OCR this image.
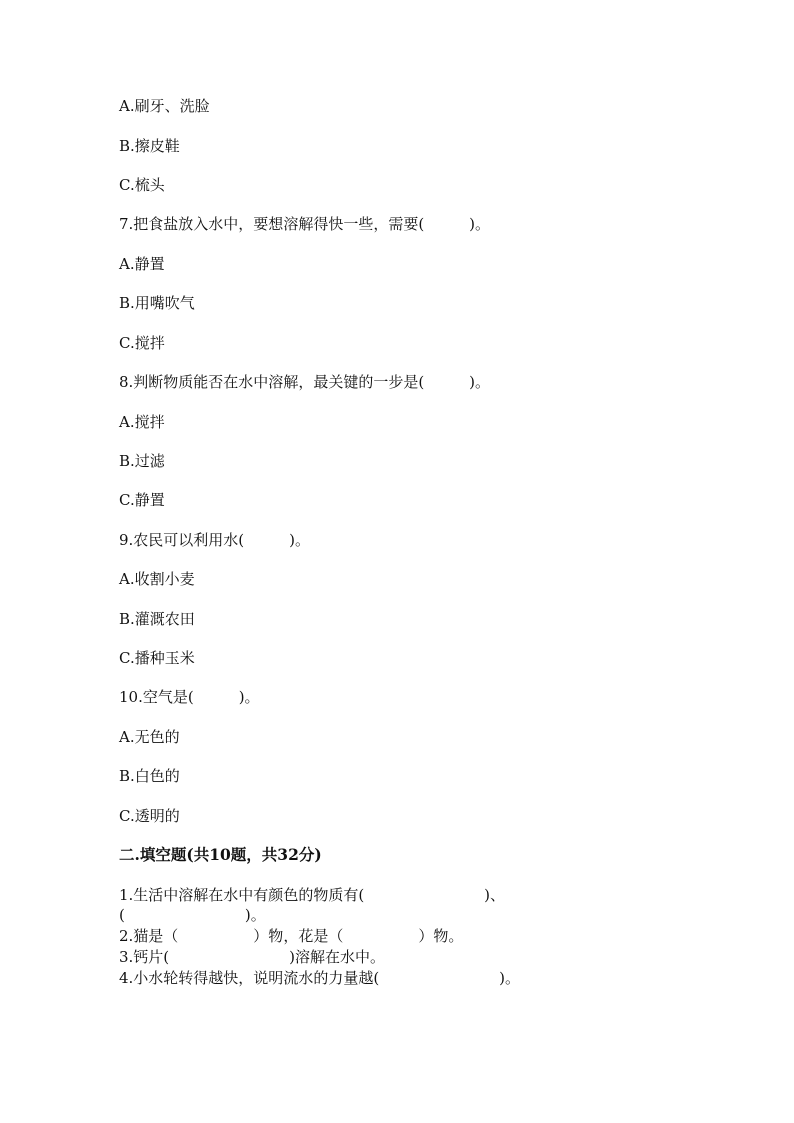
A.刷牙、洗脸
B.擦皮鞋
C.梳头
7.把食盐放入水中，要想溶解得快一些，需要(　　　)。
A.静置
B.用嘴吹气
C.搅拌
8.判断物质能否在水中溶解，最关键的一步是(　　　)。
A.搅拌
B.过滤
C.静置
9.农民可以利用水(　　　)。
A.收割小麦
B.灌溉农田
C.播种玉米
10.空气是(　　　)。
A.无色的
B.白色的
C.透明的
二.填空题(共10题，共32分)
1.生活中溶解在水中有颜色的物质有(　　　　　　　　)、
(　　　　　　　　)。
2.猫是（　　　　　）物，花是（　　　　　）物。
3.钙片(　　　　　　　　)溶解在水中。
4.小水轮转得越快，说明流水的力量越(　　　　　　　　)。
